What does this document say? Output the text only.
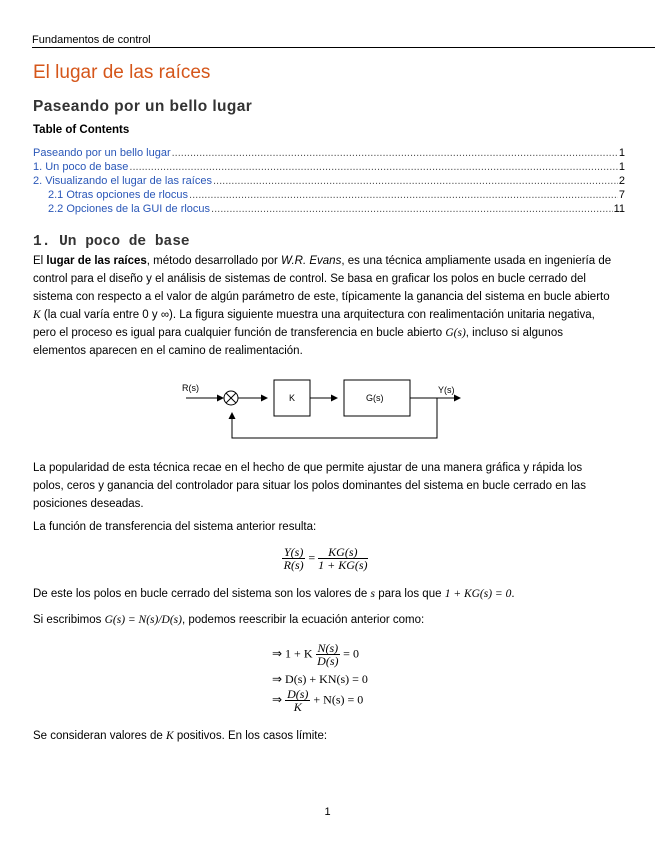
Fundamentos de control
El lugar de las raíces
Paseando por un bello lugar
Table of Contents
Paseando por un bello lugar .....	1
1. Un poco de base .....	1
2. Visualizando el lugar de las raíces .....	2
2.1 Otras opciones de rlocus .....	7
2.2 Opciones de la GUI de rlocus .....	11
1. Un poco de base
El lugar de las raíces, método desarrollado por W.R. Evans, es una técnica ampliamente usada en ingeniería de control para el diseño y el análisis de sistemas de control. Se basa en graficar los polos en bucle cerrado del sistema con respecto a el valor de algún parámetro de este, típicamente la ganancia del sistema en bucle abierto K (la cual varía entre 0 y ∞). La figura siguiente muestra una arquitectura con realimentación unitaria negativa, pero el proceso es igual para cualquier función de transferencia en bucle abierto G(s), incluso si algunos elementos aparecen en el camino de realimentación.
R(s)
K	G(s)
Y(s)
La popularidad de esta técnica recae en el hecho de que permite ajustar de una manera gráfica y rápida los polos, ceros y ganancia del controlador para situar los polos dominantes del sistema en bucle cerrado en las posiciones deseadas.
La función de transferencia del sistema anterior resulta:
$\frac{Y(s)}{R(s)} = \frac{KG(s)}{1 + KG(s)}$
De este los polos en bucle cerrado del sistema son los valores de s para los que 1 + KG(s) = 0.
Si escribimos G(s) = N(s)/D(s), podemos reescribir la ecuación anterior como:
⇒ 1 + K $\frac{N(s)}{D(s)} = 0$
⇒ D(s) + KN(s) = 0
⇒ $\frac{D(s)}{K} + N(s) = 0$
Se consideran valores de K positivos. En los casos límite:
1
